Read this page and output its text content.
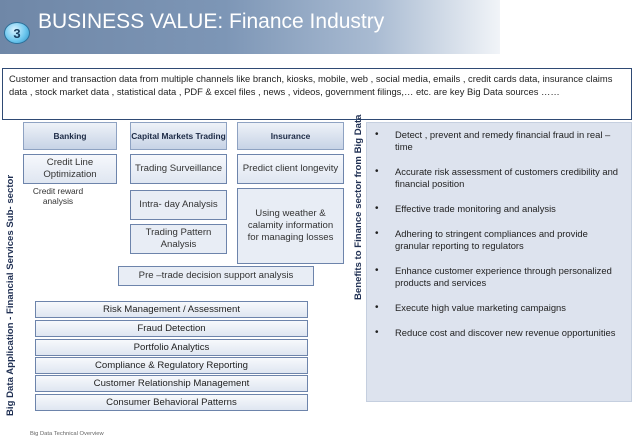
3 BUSINESS VALUE: Finance Industry
Customer and transaction data from multiple channels like branch, kiosks, mobile, web , social media, emails , credit cards data, insurance claims data , stock market data , statistical data , PDF & excel files , news , videos, government filings,… etc. are key Big Data sources ……
Big Data Application - Financial Services Sub- sector
Banking	Capital Markets Trading	Insurance
Credit Line Optimization
Credit reward analysis
Trading Surveillance
Intra- day Analysis
Trading Pattern Analysis
Predict client longevity
Using weather & calamity information for managing losses
Pre –trade decision support analysis
Risk Management / Assessment
Fraud Detection
Portfolio Analytics
Compliance & Regulatory Reporting
Customer Relationship Management
Consumer Behavioral Patterns
Benefits to Finance sector from Big Data • Detect , prevent and remedy financial fraud in real – time
• Accurate risk assessment of customers credibility and financial position
• Effective trade monitoring and analysis
• Adhering to stringent compliances and provide granular reporting to regulators
• Enhance customer experience through personalized products and services
• Execute high value marketing campaigns
• Reduce cost and discover new revenue opportunities
Big Data Technical Overview
